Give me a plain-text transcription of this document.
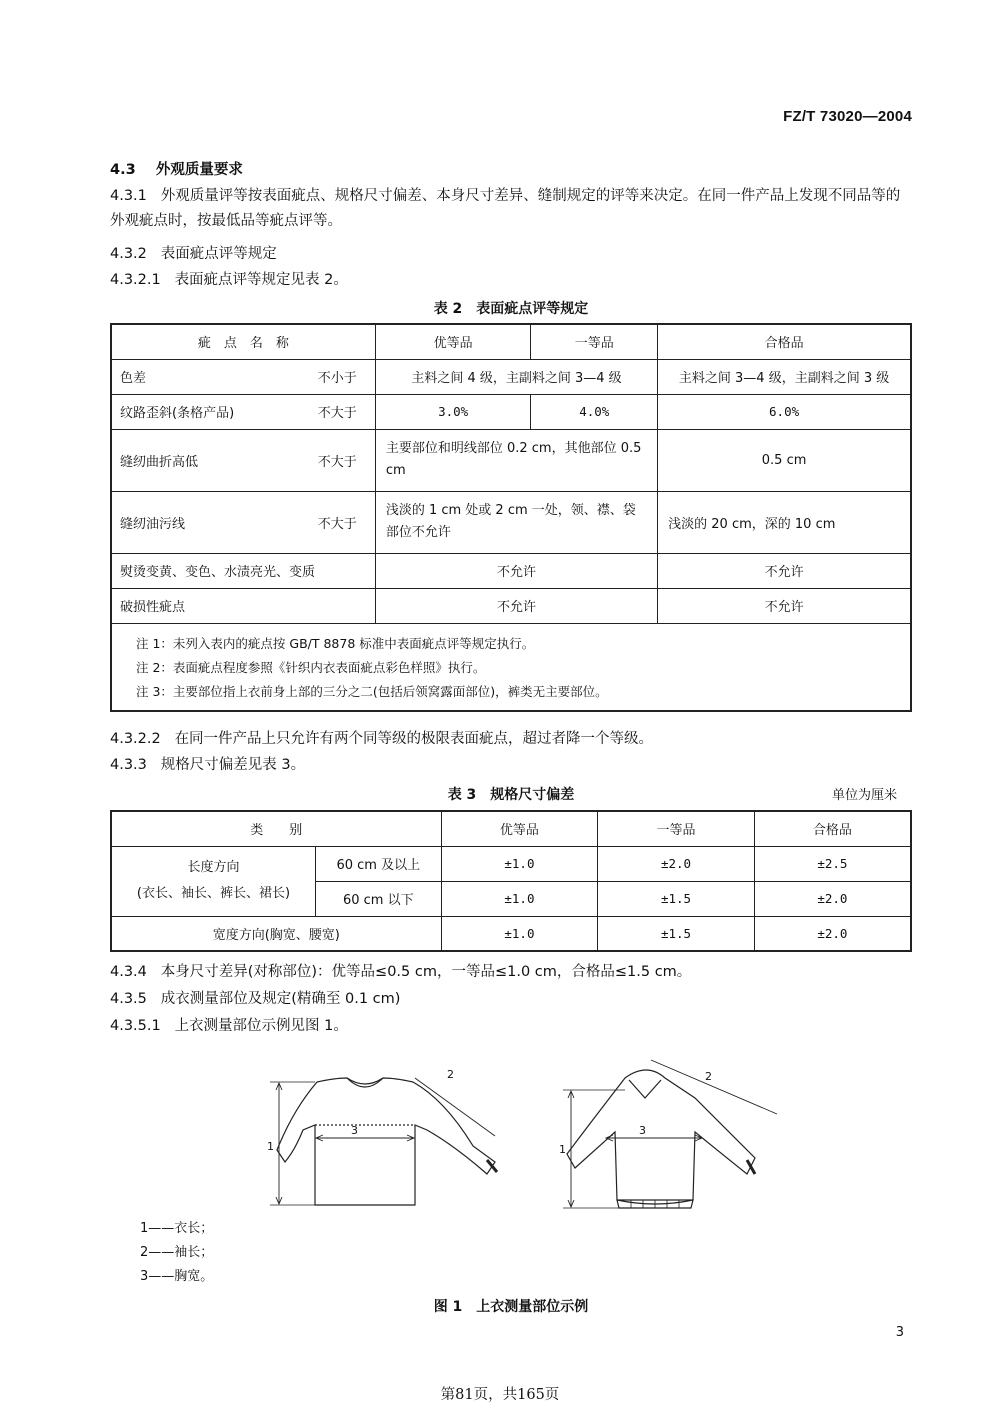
FZ/T 73020—2004
4.3 外观质量要求
4.3.1 外观质量评等按表面疵点、规格尺寸偏差、本身尺寸差异、缝制规定的评等来决定。在同一件产品上发现不同品等的外观疵点时，按最低品等疵点评等。
4.3.2 表面疵点评等规定
4.3.2.1 表面疵点评等规定见表 2。
表 2　表面疵点评等规定
疵　点　名　称	优等品	一等品	合格品

色差 不小于	主料之间 4 级，主副料之间 3—4 级		主料之间 3—4 级，主副料之间 3 级

纹路歪斜(条格产品) 不大于	3.0%	4.0%	6.0%

缝纫曲折高低 不大于	主要部位和明线部位 0.2 cm，其他部位 0.5 cm		0.5 cm

缝纫油污线 不大于	浅淡的 1 cm 处或 2 cm 一处，领、襟、袋部位不允许		浅淡的 20 cm，深的 10 cm
熨烫变黄、变色、水渍亮光、变质	不允许		不允许
破损性疵点	不允许		不允许

注 1：未列入表内的疵点按 GB/T 8878 标准中表面疵点评等规定执行。
注 2：表面疵点程度参照《针织内衣表面疵点彩色样照》执行。
注 3：主要部位指上衣前身上部的三分之二(包括后领窝露面部位)，裤类无主要部位。			
4.3.2.2 在同一件产品上只允许有两个同等级的极限表面疵点，超过者降一个等级。
4.3.3 规格尺寸偏差见表 3。
表 3　规格尺寸偏差	单位为厘米
类　　别		优等品	一等品	合格品

长度方向
(衣长、袖长、裤长、裙长)	60 cm 及以上	±1.0	±2.0	±2.5
	60 cm 以下	±1.0	±1.5	±2.0
宽度方向(胸宽、腰宽)		±1.0	±1.5	±2.0
4.3.4 本身尺寸差异(对称部位)：优等品≤0.5 cm，一等品≤1.0 cm，合格品≤1.5 cm。
4.3.5 成衣测量部位及规定(精确至 0.1 cm)
4.3.5.1 上衣测量部位示例见图 1。
1
2
3
1
2
3
1——衣长；
2——袖长；
3——胸宽。
图 1　上衣测量部位示例
3
第81页，共165页
